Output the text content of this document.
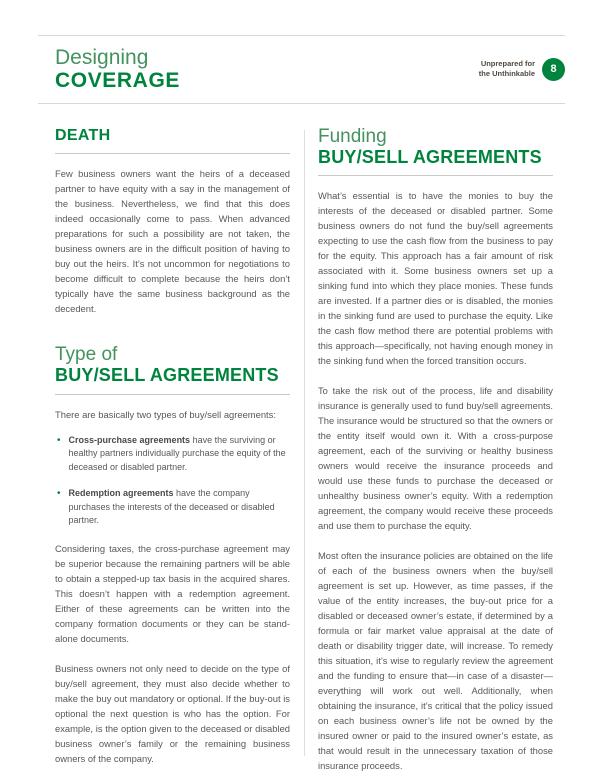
Designing
COVERAGE
Unprepared for
the Unthinkable	8
DEATH

Few business owners want the heirs of a deceased partner to have equity with a say in the management of the business. Nevertheless, we find that this does indeed occasionally come to pass. When advanced preparations for such a possibility are not taken, the business owners are in the difficult position of having to buy out the heirs. It’s not uncommon for negotiations to become difficult to complete because the heirs don’t typically have the same business background as the decedent.

Type of
BUY/SELL AGREEMENTS

There are basically two types of buy/sell agreements:

• Cross-purchase agreements have the surviving or healthy partners individually purchase the equity of the deceased or disabled partner.
• Redemption agreements have the company purchases the interests of the deceased or disabled partner.

Considering taxes, the cross-purchase agreement may be superior because the remaining partners will be able to obtain a stepped-up tax basis in the acquired shares. This doesn’t happen with a redemption agreement. Either of these agreements can be written into the company formation documents or they can be stand-alone documents.

Business owners not only need to decide on the type of buy/sell agreement, they must also decide whether to make the buy out mandatory or optional. If the buy-out is optional the next question is who has the option. For example, is the option given to the deceased or disabled business owner’s family or the remaining business owners of the company.

Funding
BUY/SELL AGREEMENTS

What’s essential is to have the monies to buy the interests of the deceased or disabled partner. Some business owners do not fund the buy/sell agreements expecting to use the cash flow from the business to pay for the equity. This approach has a fair amount of risk associated with it. Some business owners set up a sinking fund into which they place monies. These funds are invested. If a partner dies or is disabled, the monies in the sinking fund are used to purchase the equity. Like the cash flow method there are potential problems with this approach—specifically, not having enough money in the sinking fund when the forced transition occurs.

To take the risk out of the process, life and disability insurance is generally used to fund buy/sell agreements. The insurance would be structured so that the owners or the entity itself would own it. With a cross-purpose agreement, each of the surviving or healthy business owners would receive the insurance proceeds and would use these funds to purchase the deceased or unhealthy business owner’s equity. With a redemption agreement, the company would receive these proceeds and use them to purchase the equity.

Most often the insurance policies are obtained on the life of each of the business owners when the buy/sell agreement is set up. However, as time passes, if the value of the entity increases, the buy-out price for a disabled or deceased owner’s estate, if determined by a formula or fair market value appraisal at the date of death or disability trigger date, will increase. To remedy this situation, it’s wise to regularly review the agreement and the funding to ensure that—in case of a disaster—everything will work out well. Additionally, when obtaining the insurance, it’s critical that the policy issued on each business owner’s life not be owned by the insured owner or paid to the insured owner’s estate, as that would result in the unnecessary taxation of those insurance proceeds.
